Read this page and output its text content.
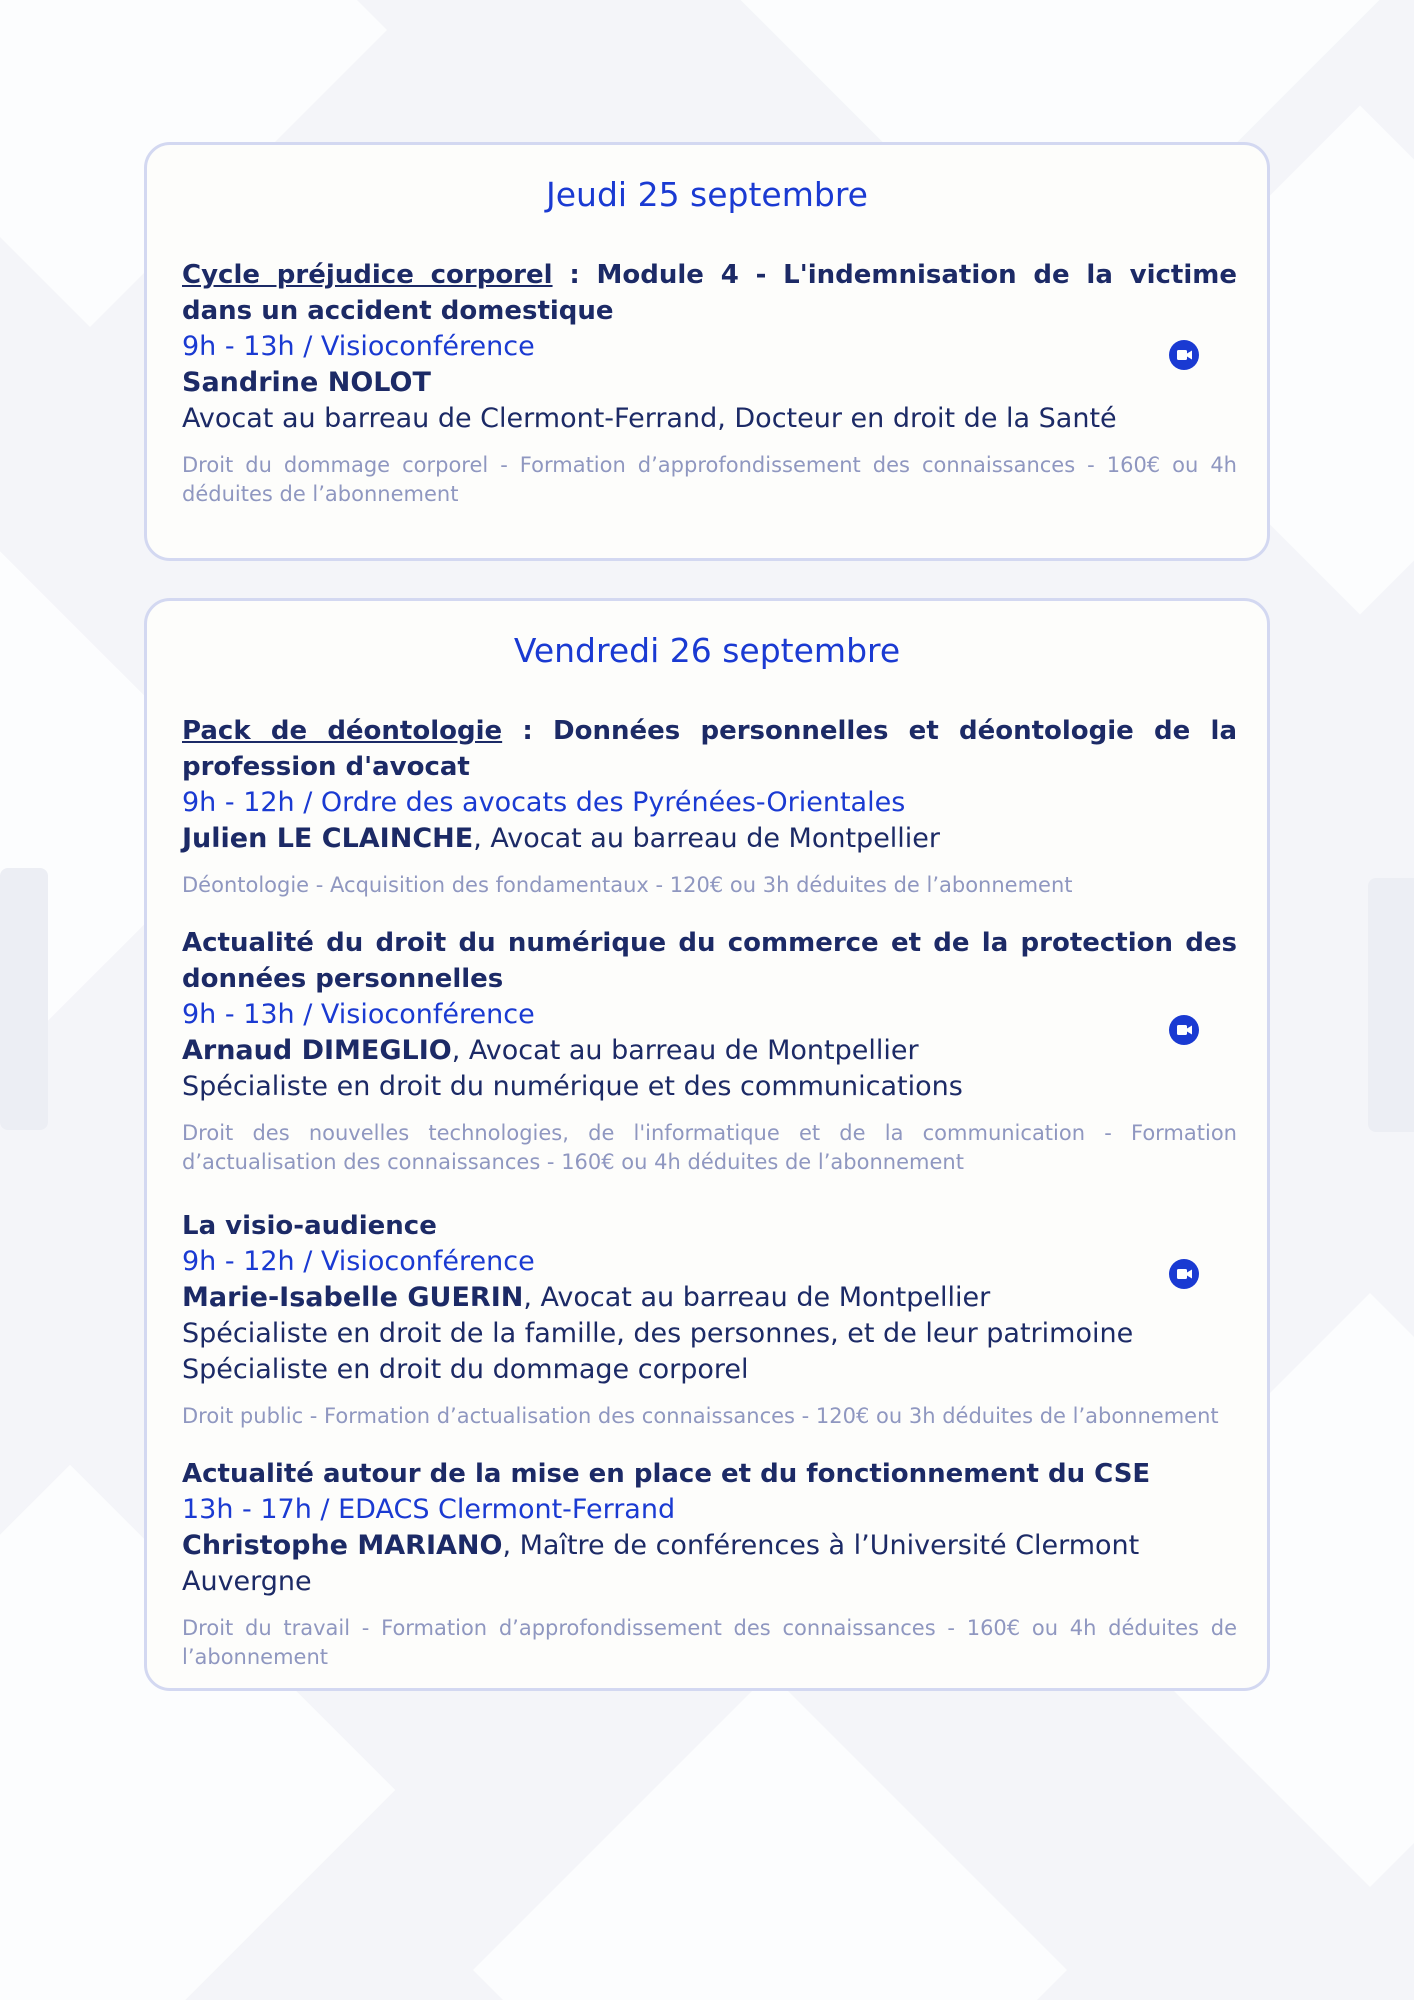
Jeudi 25 septembre
Cycle préjudice corporel : Module 4 - L'indemnisation de la victime dans un accident domestique
9h - 13h / Visioconférence
Sandrine NOLOT
Avocat au barreau de Clermont-Ferrand, Docteur en droit de la Santé
Droit du dommage corporel - Formation d’approfondissement des connaissances - 160€ ou 4h déduites de l’abonnement
Vendredi 26 septembre
Pack de déontologie : Données personnelles et déontologie de la profession d'avocat
9h - 12h / Ordre des avocats des Pyrénées-Orientales
Julien LE CLAINCHE, Avocat au barreau de Montpellier
Déontologie - Acquisition des fondamentaux - 120€ ou 3h déduites de l’abonnement
Actualité du droit du numérique du commerce et de la protection des données personnelles
9h - 13h / Visioconférence
Arnaud DIMEGLIO, Avocat au barreau de Montpellier
Spécialiste en droit du numérique et des communications
Droit des nouvelles technologies, de l'informatique et de la communication - Formation d’actualisation des connaissances - 160€ ou 4h déduites de l’abonnement
La visio-audience
9h - 12h / Visioconférence
Marie-Isabelle GUERIN, Avocat au barreau de Montpellier
Spécialiste en droit de la famille, des personnes, et de leur patrimoine
Spécialiste en droit du dommage corporel
Droit public - Formation d’actualisation des connaissances - 120€ ou 3h déduites de l’abonnement
Actualité autour de la mise en place et du fonctionnement du CSE
13h - 17h / EDACS Clermont-Ferrand
Christophe MARIANO, Maître de conférences à l’Université Clermont Auvergne
Droit du travail - Formation d’approfondissement des connaissances - 160€ ou 4h déduites de l’abonnement
